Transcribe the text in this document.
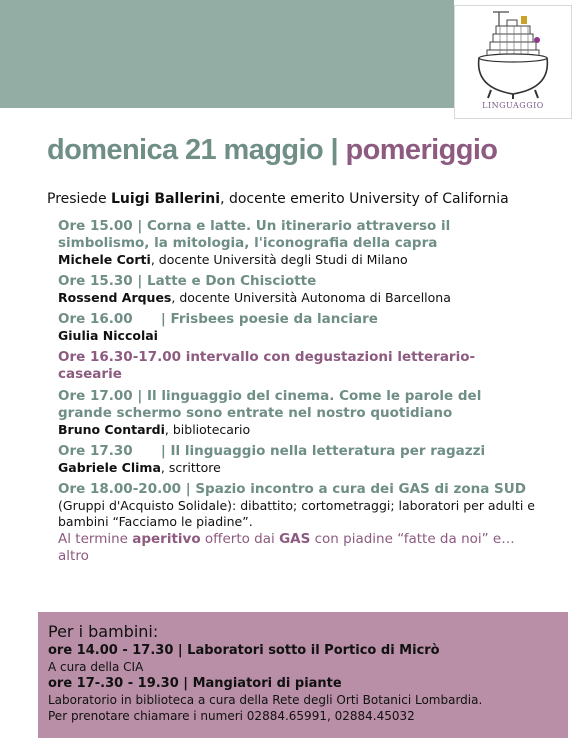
LINGUAGGIO
domenica 21 maggio | pomeriggio
Presiede Luigi Ballerini, docente emerito University of California
Ore 15.00 | Corna e latte. Un itinerario attraverso il simbolismo, la mitologia, l'iconografia della capra
Michele Corti, docente Università degli Studi di Milano
Ore 15.30 | Latte e Don Chisciotte
Rossend Arques, docente Università Autonoma di Barcellona
Ore 16.00      | Frisbees poesie da lanciare
Giulia Niccolai
Ore 16.30-17.00 intervallo con degustazioni letterario-casearie
Ore 17.00 | Il linguaggio del cinema. Come le parole del grande schermo sono entrate nel nostro quotidiano
Bruno Contardi, bibliotecario
Ore 17.30      | Il linguaggio nella letteratura per ragazzi
Gabriele Clima, scrittore
Ore 18.00-20.00 | Spazio incontro a cura dei GAS di zona SUD
(Gruppi d'Acquisto Solidale): dibattito; cortometraggi; laboratori per adulti e bambini “Facciamo le piadine”.
Al termine aperitivo offerto dai GAS con piadine “fatte da noi” e… altro
Per i bambini:
ore 14.00 - 17.30 | Laboratori sotto il Portico di Micrò
A cura della CIA
ore 17-.30 - 19.30 | Mangiatori di piante
Laboratorio in biblioteca a cura della Rete degli Orti Botanici Lombardia.
Per prenotare chiamare i numeri 02884.65991, 02884.45032
